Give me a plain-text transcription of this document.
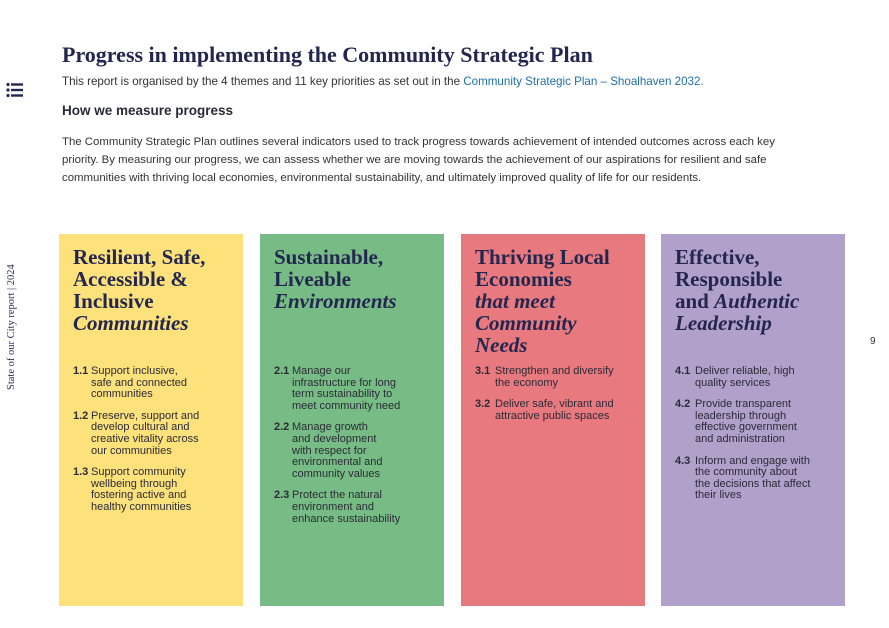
State of our City report | 2024	9
Progress in implementing the Community Strategic Plan
This report is organised by the 4 themes and 11 key priorities as set out in the Community Strategic Plan – Shoalhaven 2032.
How we measure progress

The Community Strategic Plan outlines several indicators used to track progress towards achievement of intended outcomes across each key priority. By measuring our progress, we can assess whether we are moving towards the achievement of our aspirations for resilient and safe communities with thriving local economies, environmental sustainability, and ultimately improved quality of life for our residents.

Resilient, Safe,
Accessible &
Inclusive
Communities
1.1 Support inclusive,
safe and connected
communities
1.2 Preserve, support and
develop cultural and
creative vitality across
our communities
1.3 Support community
wellbeing through
fostering active and
healthy communities
Sustainable,
Liveable
Environments
2.1 Manage our
infrastructure for long
term sustainability to
meet community need
2.2 Manage growth
and development
with respect for
environmental and
community values
2.3 Protect the natural
environment and
enhance sustainability
Thriving Local
Economies
that meet
Community
Needs
3.1 Strengthen and diversify
the economy
3.2 Deliver safe, vibrant and
attractive public spaces
Effective,
Responsible
and Authentic
Leadership
4.1 Deliver reliable, high
quality services
4.2 Provide transparent
leadership through
effective government
and administration
4.3 Inform and engage with
the community about
the decisions that affect
their lives
